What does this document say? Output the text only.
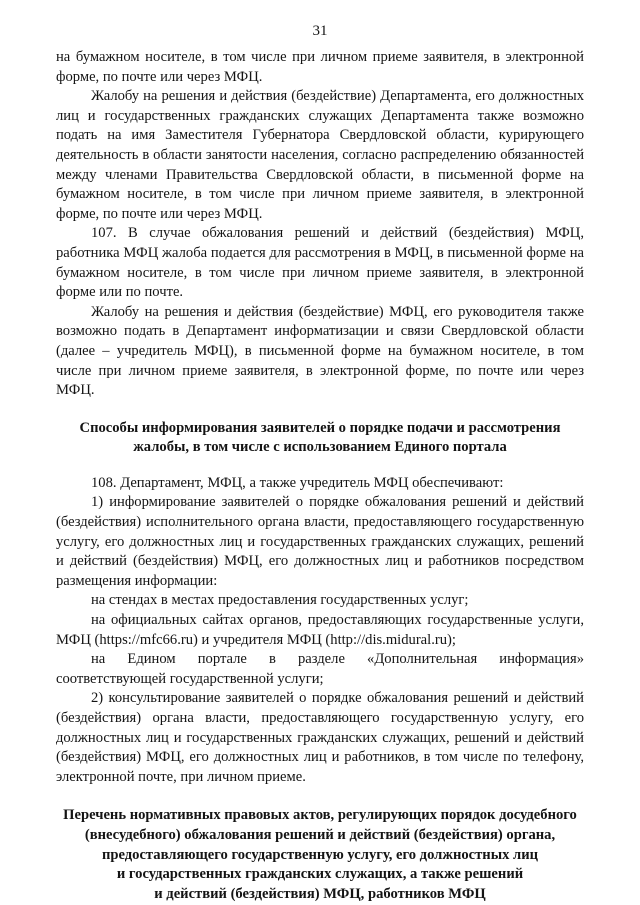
31

на бумажном носителе, в том числе при личном приеме заявителя, в электронной форме, по почте или через МФЦ.

Жалобу на решения и действия (бездействие) Департамента, его должностных лиц и государственных гражданских служащих Департамента также возможно подать на имя Заместителя Губернатора Свердловской области, курирующего деятельность в области занятости населения, согласно распределению обязанностей между членами Правительства Свердловской области, в письменной форме на бумажном носителе, в том числе при личном приеме заявителя, в электронной форме, по почте или через МФЦ.

107. В случае обжалования решений и действий (бездействия) МФЦ, работника МФЦ жалоба подается для рассмотрения в МФЦ, в письменной форме на бумажном носителе, в том числе при личном приеме заявителя, в электронной форме или по почте.

Жалобу на решения и действия (бездействие) МФЦ, его руководителя также возможно подать в Департамент информатизации и связи Свердловской области (далее – учредитель МФЦ), в письменной форме на бумажном носителе, в том числе при личном приеме заявителя, в электронной форме, по почте или через МФЦ.

Способы информирования заявителей о порядке подачи и рассмотрения жалобы, в том числе с использованием Единого портала

108. Департамент, МФЦ, а также учредитель МФЦ обеспечивают:

1) информирование заявителей о порядке обжалования решений и действий (бездействия) исполнительного органа власти, предоставляющего государственную услугу, его должностных лиц и государственных гражданских служащих, решений и действий (бездействия) МФЦ, его должностных лиц и работников посредством размещения информации:

на стендах в местах предоставления государственных услуг;

на официальных сайтах органов, предоставляющих государственные услуги, МФЦ (https://mfc66.ru) и учредителя МФЦ (http://dis.midural.ru);

на Едином портале в разделе «Дополнительная информация» соответствующей государственной услуги;

2) консультирование заявителей о порядке обжалования решений и действий (бездействия) органа власти, предоставляющего государственную услугу, его должностных лиц и государственных гражданских служащих, решений и действий (бездействия) МФЦ, его должностных лиц и работников, в том числе по телефону, электронной почте, при личном приеме.

Перечень нормативных правовых актов, регулирующих порядок досудебного
(внесудебного) обжалования решений и действий (бездействия) органа,
предоставляющего государственную услугу, его должностных лиц
и государственных гражданских служащих, а также решений
и действий (бездействия) МФЦ, работников МФЦ
